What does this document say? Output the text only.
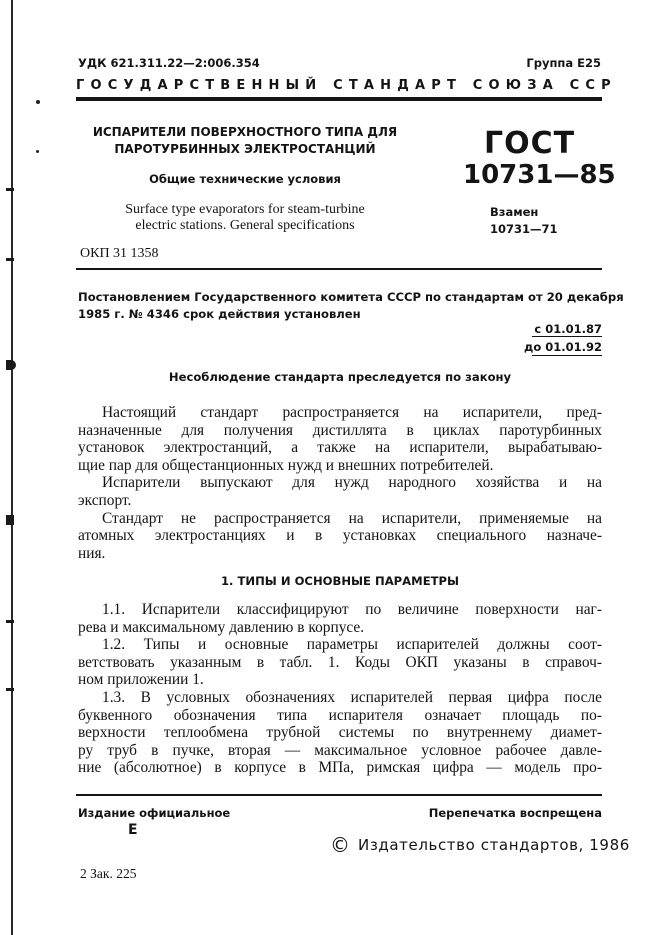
УДК 621.311.22—2:006.354	Группа Е25
ГОСУДАРСТВЕННЫЙ СТАНДАРТ СОЮЗА ССР
ИСПАРИТЕЛИ ПОВЕРХНОСТНОГО ТИПА ДЛЯ
ПАРОТУРБИННЫХ ЭЛЕКТРОСТАНЦИЙ
Общие технические условия
Surface type evaporators for steam-turbine
electric stations. General specifications
ОКП 31 1358
ГОСТ
10731—85
Взамен
10731—71
Постановлением Государственного комитета СССР по стандартам от 20 декабря
1985 г. № 4346 срок действия установлен
с 01.01.87
до 01.01.92
Несоблюдение стандарта преследуется по закону

Настоящий стандарт распространяется на испарители, пред-
назначенные для получения дистиллята в циклах паротурбинных
установок электростанций, а также на испарители, вырабатываю-
щие пар для общестанционных нужд и внешних потребителей.

Испарители выпускают для нужд народного хозяйства и на
экспорт.

Стандарт не распространяется на испарители, применяемые на
атомных электростанциях и в установках специального назначе-
ния.

1. ТИПЫ И ОСНОВНЫЕ ПАРАМЕТРЫ

1.1. Испарители классифицируют по величине поверхности наг-
рева и максимальному давлению в корпусе.

1.2. Типы и основные параметры испарителей должны соот-
ветствовать указанным в табл. 1. Коды ОКП указаны в справоч-
ном приложении 1.

1.3. В условных обозначениях испарителей первая цифра после
буквенного обозначения типа испарителя означает площадь по-
верхности теплообмена трубной системы по внутреннему диамет-
ру труб в пучке, вторая — максимальное условное рабочее давле-
ние (абсолютное) в корпусе в МПа, римская цифра — модель про-

Издание официальное	Перепечатка воспрещена
Е
© Издательство стандартов, 1986
2 Зак. 225
